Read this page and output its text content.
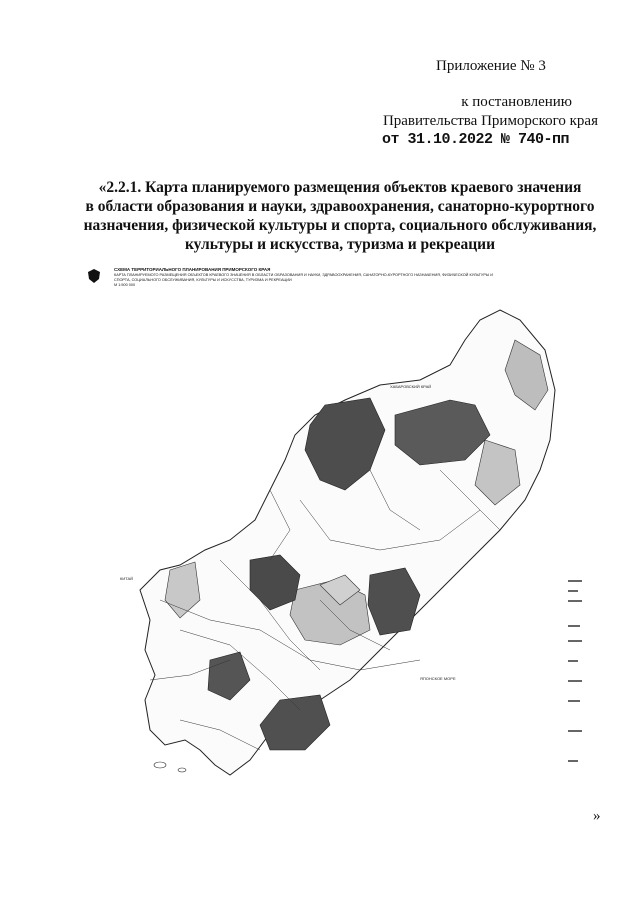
Приложение № 3
к постановлению
Правительства Приморского края
от 31.10.2022 № 740-пп
«2.2.1. Карта планируемого размещения объектов краевого значения
в области образования и науки, здравоохранения, санаторно-курортного
назначения, физической культуры и спорта, социального обслуживания,
культуры и искусства, туризма и рекреации
СХЕМА ТЕРРИТОРИАЛЬНОГО ПЛАНИРОВАНИЯ ПРИМОРСКОГО КРАЯ
КАРТА ПЛАНИРУЕМОГО РАЗМЕЩЕНИЯ ОБЪЕКТОВ КРАЕВОГО ЗНАЧЕНИЯ В ОБЛАСТИ ОБРАЗОВАНИЯ И НАУКИ, ЗДРАВООХРАНЕНИЯ, САНАТОРНО-КУРОРТНОГО НАЗНАЧЕНИЯ, ФИЗИЧЕСКОЙ КУЛЬТУРЫ И СПОРТА, СОЦИАЛЬНОГО ОБСЛУЖИВАНИЯ, КУЛЬТУРЫ И ИСКУССТВА, ТУРИЗМА И РЕКРЕАЦИИ
М 1:500 000
ХАБАРОВСКИЙ КРАЙ
КИТАЙ
ЯПОНСКОЕ МОРЕ
»
